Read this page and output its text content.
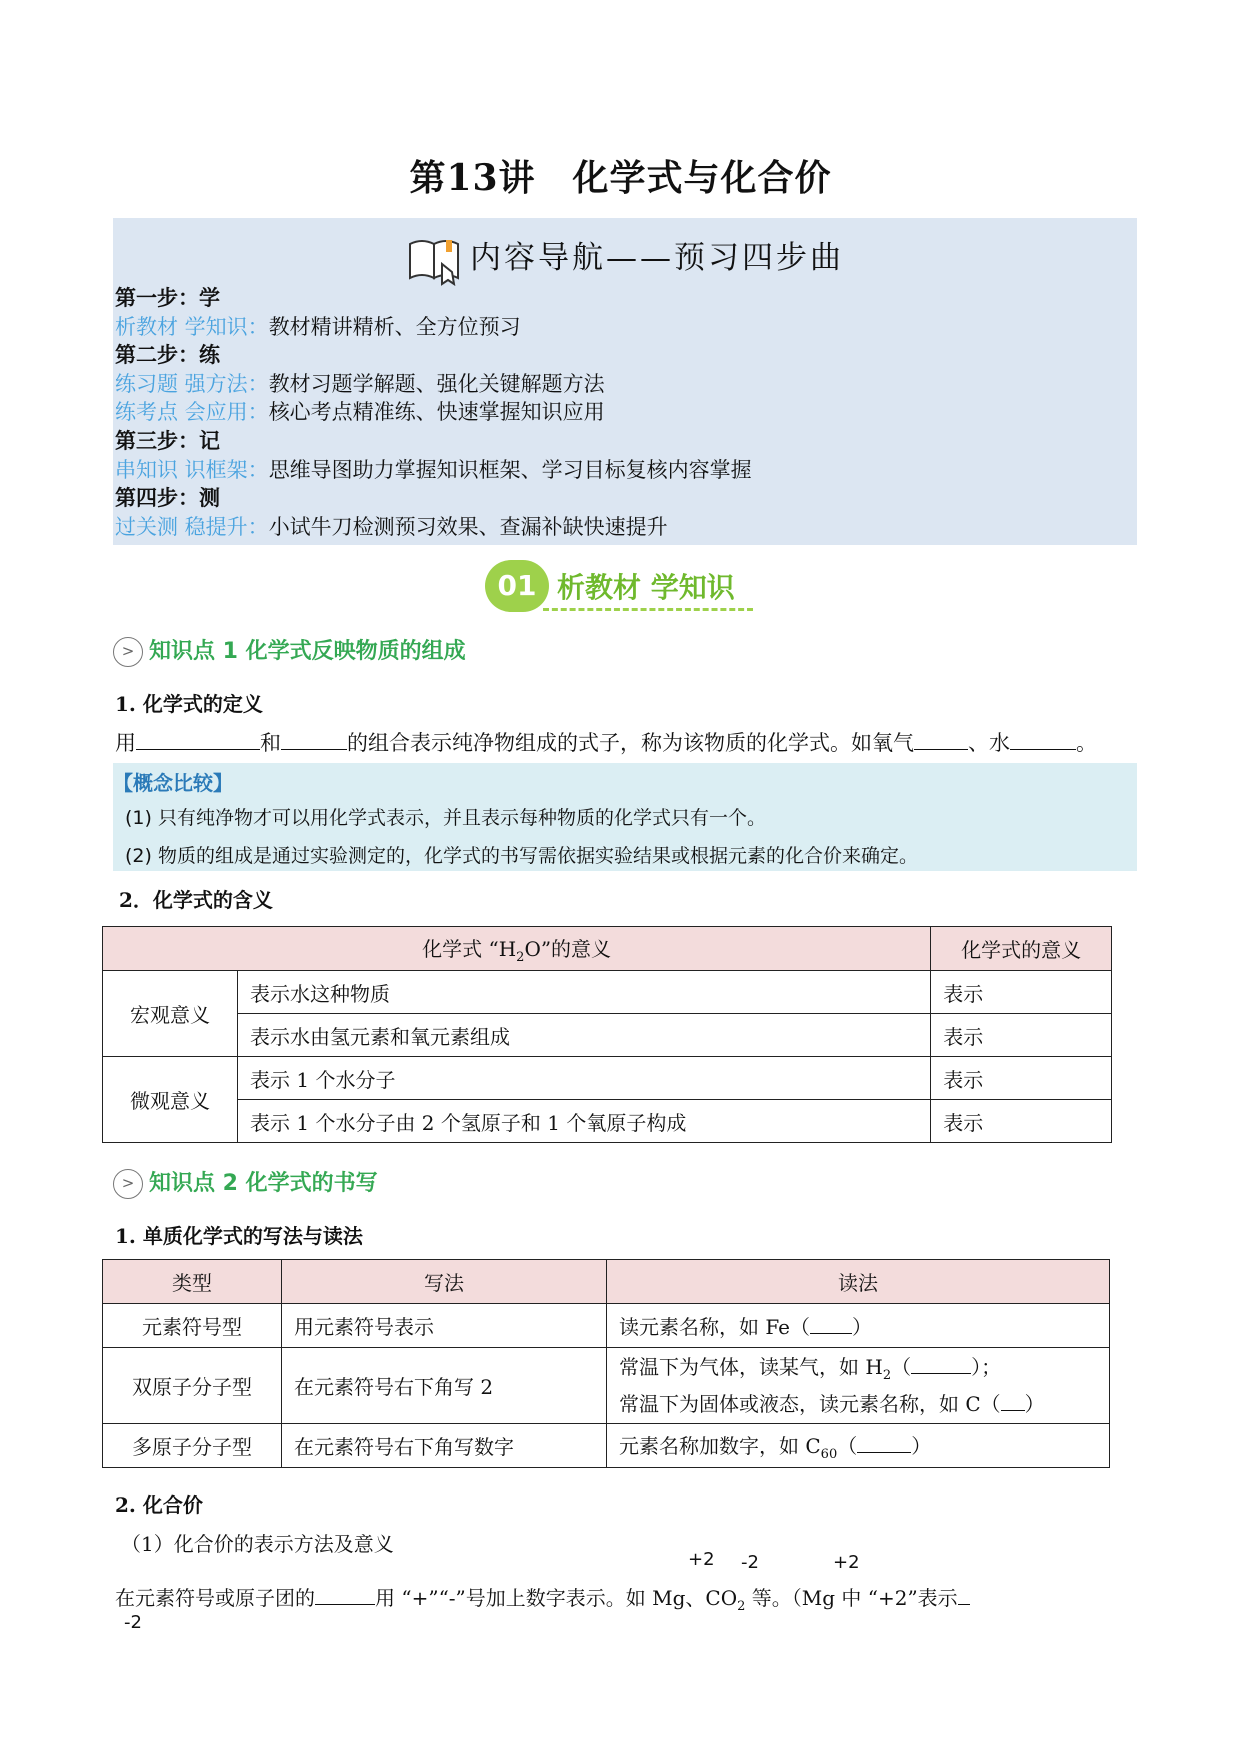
第13讲　化学式与化合价
内容导航——预习四步曲
第一步：学
析教材 学知识：教材精讲精析、全方位预习
第二步：练
练习题 强方法：教材习题学解题、强化关键解题方法
练考点 会应用：核心考点精准练、快速掌握知识应用
第三步：记
串知识 识框架：思维导图助力掌握知识框架、学习目标复核内容掌握
第四步：测
过关测 稳提升：小试牛刀检测预习效果、查漏补缺快速提升
01 析教材 学知识
> 知识点 1 化学式反映物质的组成
1. 化学式的定义
用	和	的组合表示纯净物组成的式子，称为该物质的化学式。如氧气	、水	。
【概念比较】
(1) 只有纯净物才可以用化学式表示，并且表示每种物质的化学式只有一个。
(2) 物质的组成是通过实验测定的，化学式的书写需依据实验结果或根据元素的化合价来确定。
2．化学式的含义
化学式 “$H_2O$”的意义		化学式的意义
宏观意义	表示水这种物质	表示
	表示水由氢元素和氧元素组成	表示
微观意义	表示 1 个水分子	表示
	表示 1 个水分子由 2 个氢原子和 1 个氧原子构成	表示
> 知识点 2 化学式的书写
1. 单质化学式的写法与读法
类型	写法	读法
元素符号型	用元素符号表示	读元素名称，如 Fe（ ）
双原子分子型	在元素符号右下角写 2	常温下为气体，读某气，如 $H_2$（ ）；
常温下为固体或液态，读元素名称，如 C（ ）

多原子分子型	在元素符号右下角写数字	元素名称加数字，如 $C_{60}$（ ）
2. 化合价
（1）化合价的表示方法及意义
+2 -2	+2
在元素符号或原子团的	用 “+”“-”号加上数字表示。如 Mg、$CO_2$ 等。（Mg 中 “+2”表示
-2
